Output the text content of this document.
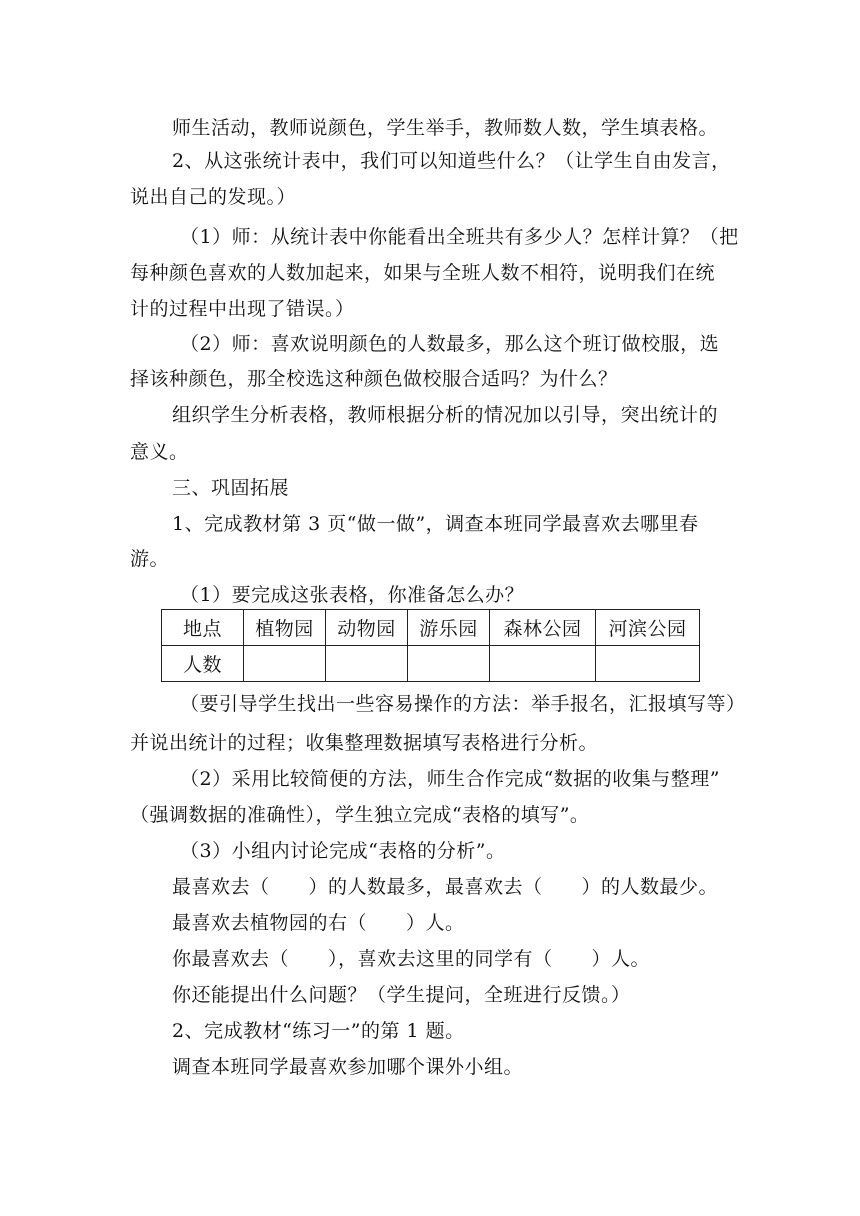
师生活动，教师说颜色，学生举手，教师数人数，学生填表格。
2、从这张统计表中，我们可以知道些什么？（让学生自由发言，
说出自己的发现。）
（1）师：从统计表中你能看出全班共有多少人？怎样计算？（把
每种颜色喜欢的人数加起来，如果与全班人数不相符，说明我们在统
计的过程中出现了错误。）
（2）师：喜欢说明颜色的人数最多，那么这个班订做校服，选
择该种颜色，那全校选这种颜色做校服合适吗？为什么？
组织学生分析表格，教师根据分析的情况加以引导，突出统计的
意义。
三、巩固拓展
1、完成教材第 3 页“做一做”，调查本班同学最喜欢去哪里春
游。
（1）要完成这张表格，你准备怎么办？
地点	植物园	动物园	游乐园	森林公园	河滨公园
人数					
（要引导学生找出一些容易操作的方法：举手报名，汇报填写等）
并说出统计的过程；收集整理数据填写表格进行分析。
（2）采用比较简便的方法，师生合作完成“数据的收集与整理”
（强调数据的准确性），学生独立完成“表格的填写”。
（3）小组内讨论完成“表格的分析”。
最喜欢去（　　）的人数最多，最喜欢去（　　）的人数最少。
最喜欢去植物园的右（　　）人。
你最喜欢去（　　），喜欢去这里的同学有（　　）人。
你还能提出什么问题？（学生提问，全班进行反馈。）
2、完成教材“练习一”的第 1 题。
调查本班同学最喜欢参加哪个课外小组。
